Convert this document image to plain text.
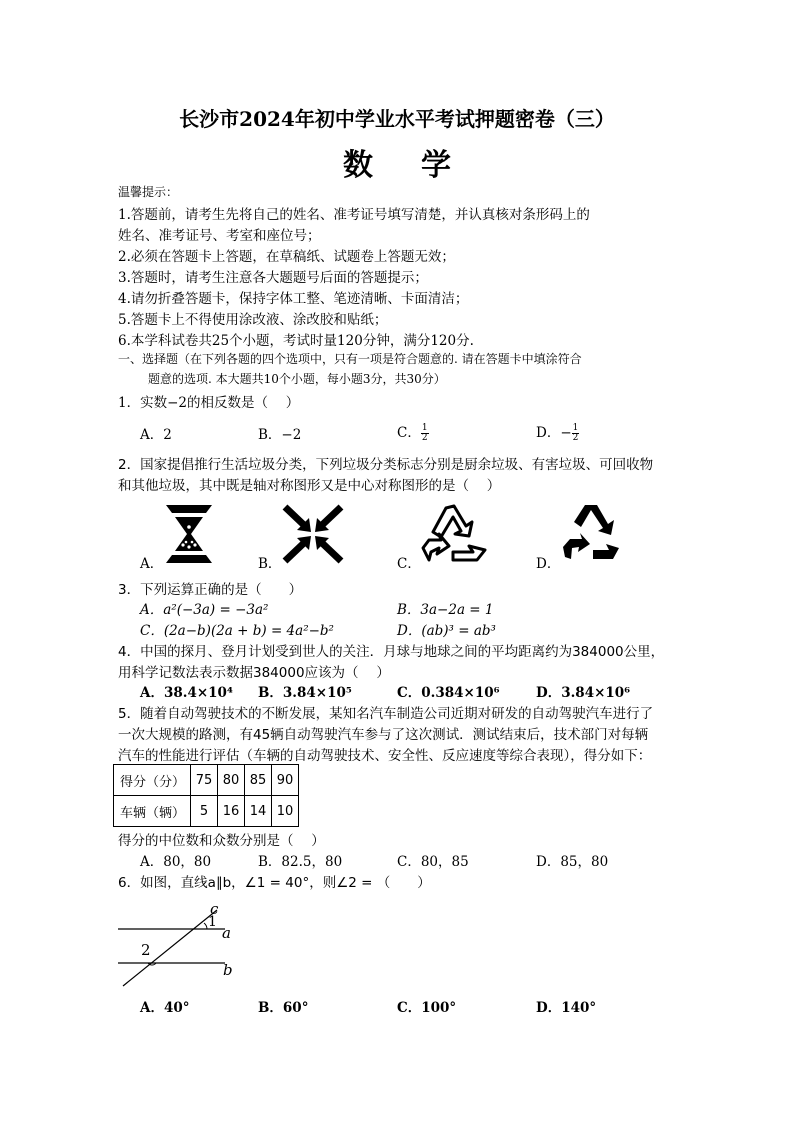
长沙市2024年初中学业水平考试押题密卷（三）
数学
温馨提示：
1.答题前，请考生先将自己的姓名、准考证号填写清楚，并认真核对条形码上的
姓名、准考证号、考室和座位号；
2.必须在答题卡上答题，在草稿纸、试题卷上答题无效；
3.答题时，请考生注意各大题题号后面的答题提示；
4.请勿折叠答题卡，保持字体工整、笔迹清晰、卡面清洁；
5.答题卡上不得使用涂改液、涂改胶和贴纸；
6.本学科试卷共25个小题，考试时量120分钟，满分120分.
一、选择题（在下列各题的四个选项中，只有一项是符合题意的. 请在答题卡中填涂符合
题意的选项. 本大题共10个小题，每小题3分，共30分）
1．实数−2的相反数是（　 ）
A．2	B．−2	C． $\frac{1}{2}$	D．− $\frac{1}{2}$
2．国家提倡推行生活垃圾分类，下列垃圾分类标志分别是厨余垃圾、有害垃圾、可回收物
和其他垃圾，其中既是轴对称图形又是中心对称图形的是（　 ）
A．	B．	C．	D．
3．下列运算正确的是（　　）
A．a²(−3a) = −3a²	B．3a−2a = 1
C．(2a−b)(2a + b) = 4a²−b²	D．(ab)³ = ab³
4．中国的探月、登月计划受到世人的关注．月球与地球之间的平均距离约为384000公里，
用科学记数法表示数据384000应该为（　 ）
A．38.4×10⁴ B．3.84×10⁵	C．0.384×10⁶	D．3.84×10⁶
5．随着自动驾驶技术的不断发展，某知名汽车制造公司近期对研发的自动驾驶汽车进行了
一次大规模的路测，有45辆自动驾驶汽车参与了这次测试．测试结束后，技术部门对每辆
汽车的性能进行评估（车辆的自动驾驶技术、安全性、反应速度等综合表现），得分如下：
得分（分）	75	80	85	90
车辆（辆）	5	16	14	10
得分的中位数和众数分别是（　 ）
A．80，80	B．82.5，80	C．80，85	D．85，80
6．如图，直线a∥b，∠1 = 40°，则∠2 = （　　）
c
1
a
2
b
A．40°	B．60°	C．100°	D．140°
